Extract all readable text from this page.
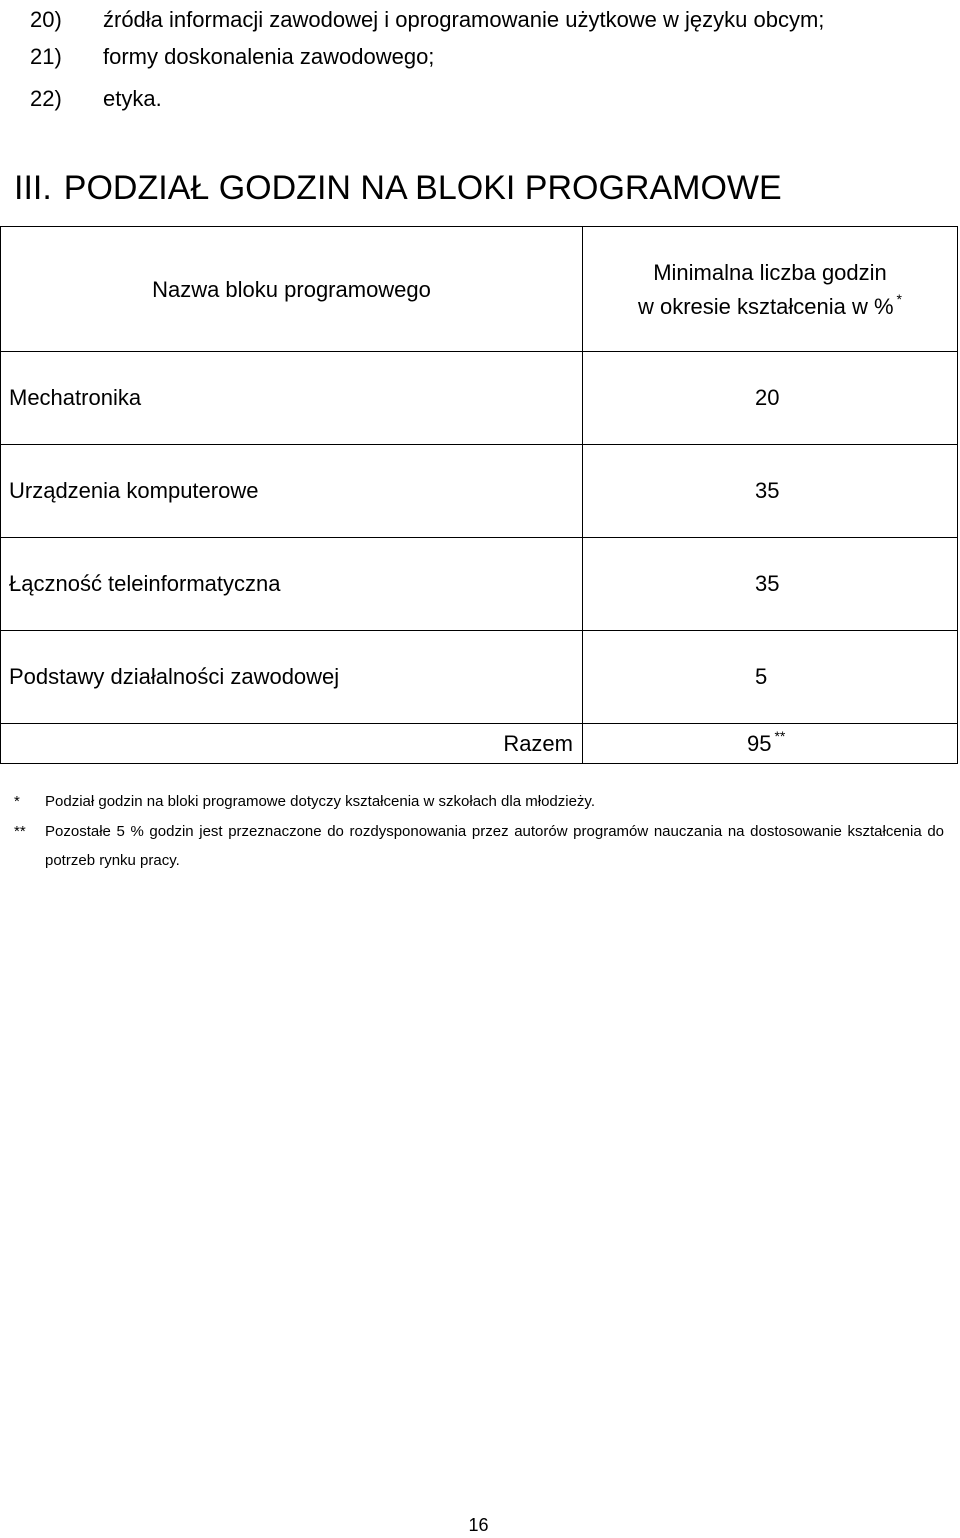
20) źródła informacji zawodowej i oprogramowanie użytkowe w języku obcym;
21) formy doskonalenia zawodowego;
22) etyka.
III. PODZIAŁ GODZIN NA BLOKI PROGRAMOWE
Nazwa bloku programowego	Minimalna liczba godzin
w okresie kształcenia w % *
Mechatronika	20
Urządzenia komputerowe	35
Łączność teleinformatyczna	35
Podstawy działalności zawodowej	5
Razem	95 **
* Podział godzin na bloki programowe dotyczy kształcenia w szkołach dla młodzieży.
** Pozostałe 5 % godzin jest przeznaczone do rozdysponowania przez autorów programów nauczania na dostosowanie kształcenia do potrzeb rynku pracy.
16
